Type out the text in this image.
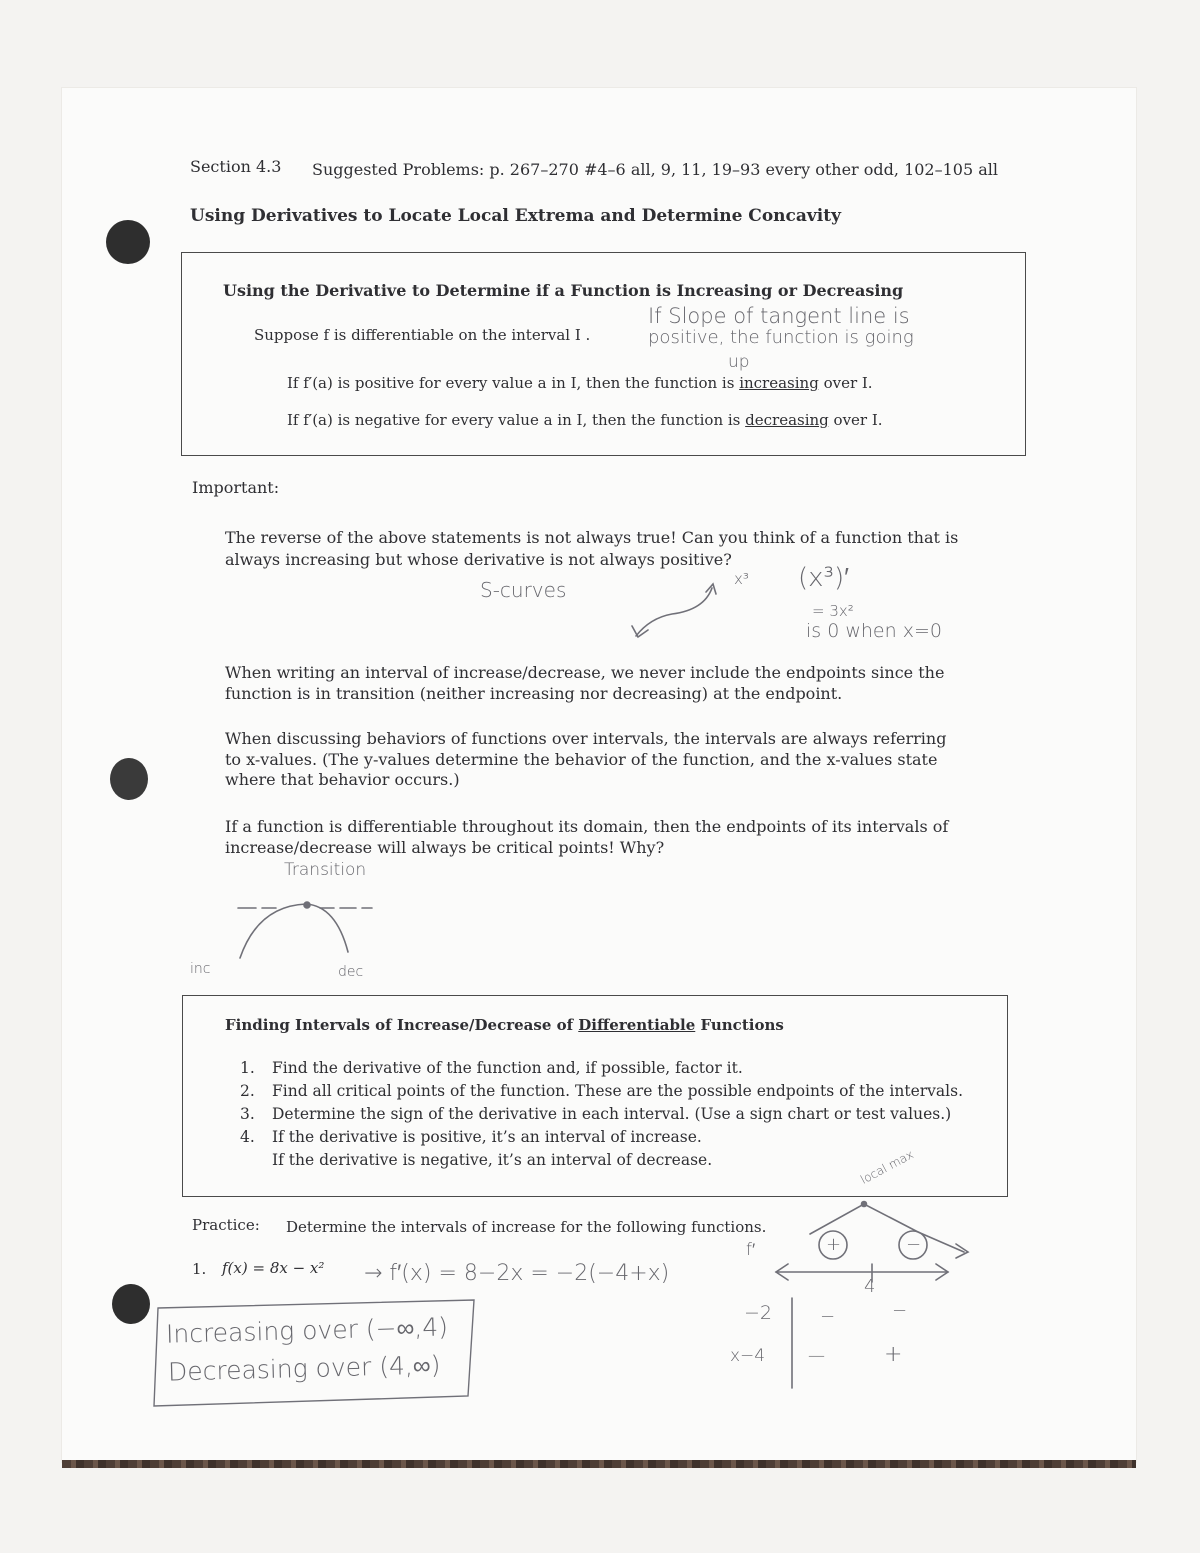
Section 4.3 Suggested Problems: p. 267–270 #4–6 all, 9, 11, 19–93 every other odd, 102–105 all
Using Derivatives to Locate Local Extrema and Determine Concavity
Using the Derivative to Determine if a Function is Increasing or Decreasing
Suppose f is differentiable on the interval I .
If f′(a) is positive for every value a in I, then the function is increasing over I.
If f′(a) is negative for every value a in I, then the function is decreasing over I.
If Slope of tangent line is
positive, the function is going
up
Important:
The reverse of the above statements is not always true! Can you think of a function that is
always increasing but whose derivative is not always positive?
S-curves	x³ (x³)′
= 3x²
is 0 when x=0
When writing an interval of increase/decrease, we never include the endpoints since the
function is in transition (neither increasing nor decreasing) at the endpoint.
When discussing behaviors of functions over intervals, the intervals are always referring
to x-values. (The y-values determine the behavior of the function, and the x-values state
where that behavior occurs.)
If a function is differentiable throughout its domain, then the endpoints of its intervals of
increase/decrease will always be critical points! Why?
Transition
inc	dec
Finding Intervals of Increase/Decrease of Differentiable Functions
1. Find the derivative of the function and, if possible, factor it.
2. Find all critical points of the function. These are the possible endpoints of the intervals.
3. Determine the sign of the derivative in each interval. (Use a sign chart or test values.)
4. If the derivative is positive, it’s an interval of increase.
If the derivative is negative, it’s an interval of decrease.	local max
Practice: Determine the intervals of increase for the following functions.
1. f(x) = 8x − x² → f′(x) = 8−2x = −2(−4+x)
f′	+	−
4
−2
x−4
−	−
—	+
Increasing over (−∞,4)
Decreasing over (4,∞)
